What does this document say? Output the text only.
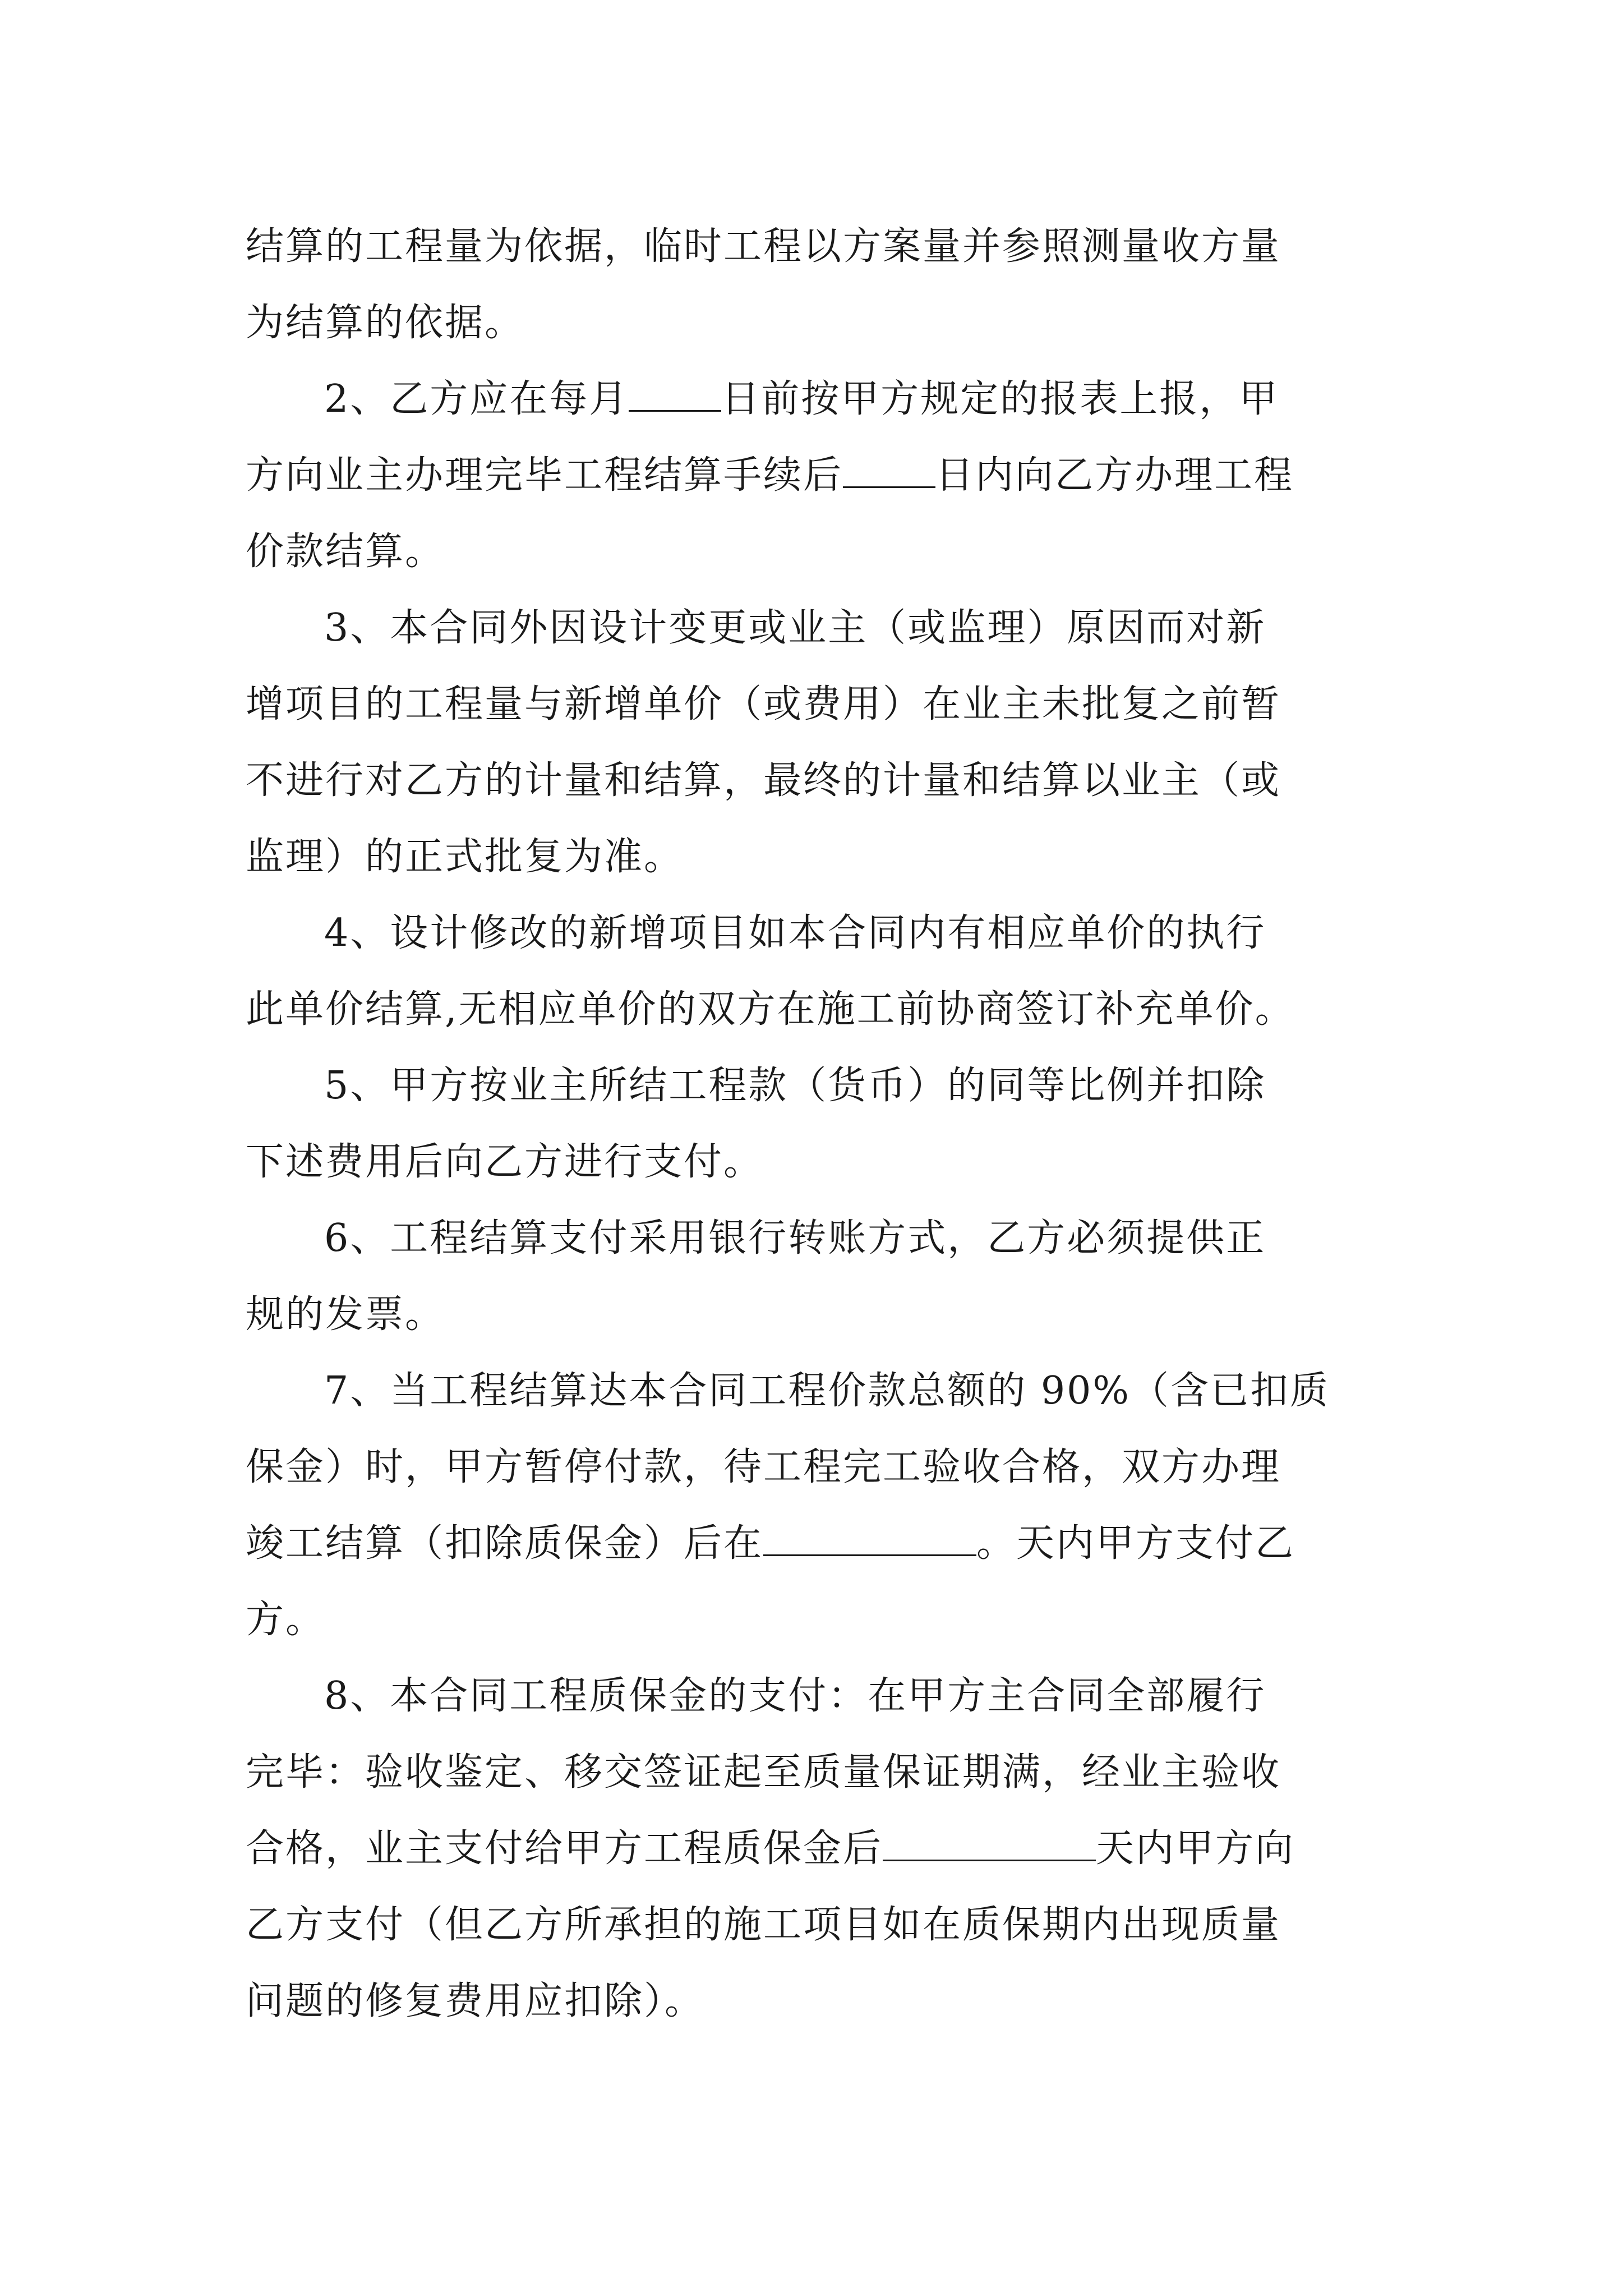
结算的工程量为依据，临时工程以方案量并参照测量收方量
为结算的依据。
2、乙方应在每月 日前按甲方规定的报表上报，甲
方向业主办理完毕工程结算手续后 日内向乙方办理工程
价款结算。
3、本合同外因设计变更或业主（或监理）原因而对新
增项目的工程量与新增单价（或费用）在业主未批复之前暂
不进行对乙方的计量和结算，最终的计量和结算以业主（或
监理）的正式批复为准。
4、设计修改的新增项目如本合同内有相应单价的执行
此单价结算,无相应单价的双方在施工前协商签订补充单价。
5、甲方按业主所结工程款（货币）的同等比例并扣除
下述费用后向乙方进行支付。
6、工程结算支付采用银行转账方式，乙方必须提供正
规的发票。
7、当工程结算达本合同工程价款总额的 90%（含已扣质
保金）时，甲方暂停付款，待工程完工验收合格，双方办理
竣工结算（扣除质保金）后在	。天内甲方支付乙
方。
8、本合同工程质保金的支付：在甲方主合同全部履行
完毕：验收鉴定、移交签证起至质量保证期满，经业主验收
合格，业主支付给甲方工程质保金后	天内甲方向
乙方支付（但乙方所承担的施工项目如在质保期内出现质量
问题的修复费用应扣除）。
